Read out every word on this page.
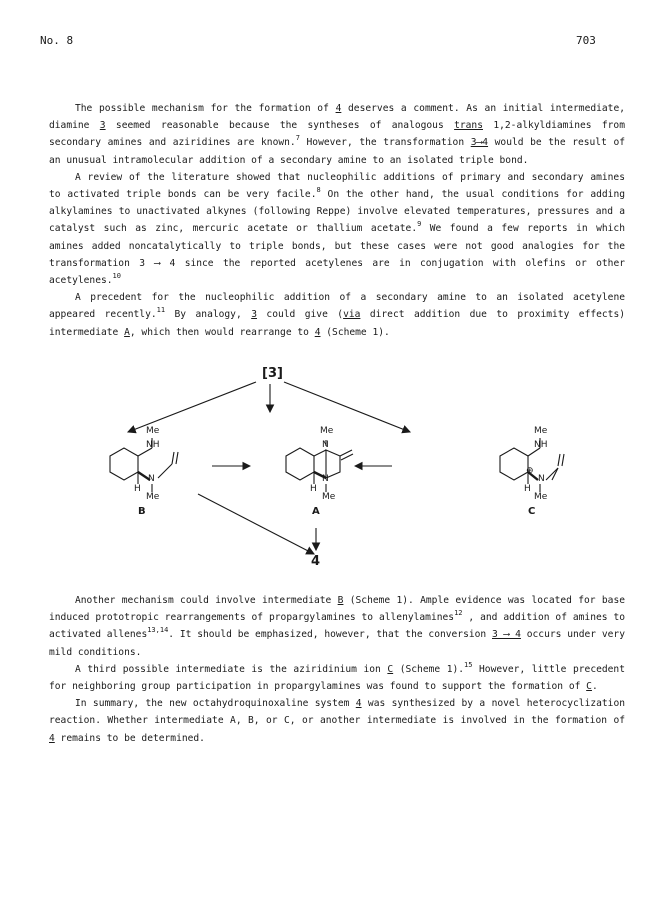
No. 8	703

The possible mechanism for the formation of 4 deserves a comment. As an initial intermediate, diamine 3 seemed reasonable because the syntheses of analogous trans 1,2-alkyldiamines from secondary amines and aziridines are known.$^7$ However, the transformation 3⟶4 would be the result of an unusual intramolecular addition of a secondary amine to an isolated triple bond.

A review of the literature showed that nucleophilic additions of primary and secondary amines to activated triple bonds can be very facile.$^8$ On the other hand, the usual conditions for adding alkylamines to unactivated alkynes (following Reppe) involve elevated temperatures, pressures and a catalyst such as zinc, mercuric acetate or thallium acetate.$^9$ We found a few reports in which amines added noncatalytically to triple bonds, but these cases were not good analogies for the transformation 3 ⟶ 4 since the reported acetylenes are in conjugation with olefins or other acetylenes.$^{10}$

A precedent for the nucleophilic addition of a secondary amine to an isolated acetylene appeared recently.$^{11}$ By analogy, 3 could give (via direct addition due to proximity effects) intermediate A, which then would rearrange to 4 (Scheme 1).

[3]
4
Me
NH
N
H
Me
B
Me
N
N
H
Me
A
Me
NH
⊕
N
H
Me
C

Another mechanism could involve intermediate B (Scheme 1). Ample evidence was located for base induced prototropic rearrangements of propargylamines to allenylamines$^{12}$ , and addition of amines to activated allenes$^{13,14}$. It should be emphasized, however, that the conversion 3 ⟶ 4 occurs under very mild conditions.

A third possible intermediate is the aziridinium ion C (Scheme 1).$^{15}$ However, little precedent for neighboring group participation in propargylamines was found to support the formation of C.

In summary, the new octahydroquinoxaline system 4 was synthesized by a novel heterocyclization reaction. Whether intermediate A, B, or C, or another intermediate is involved in the formation of 4 remains to be determined.
